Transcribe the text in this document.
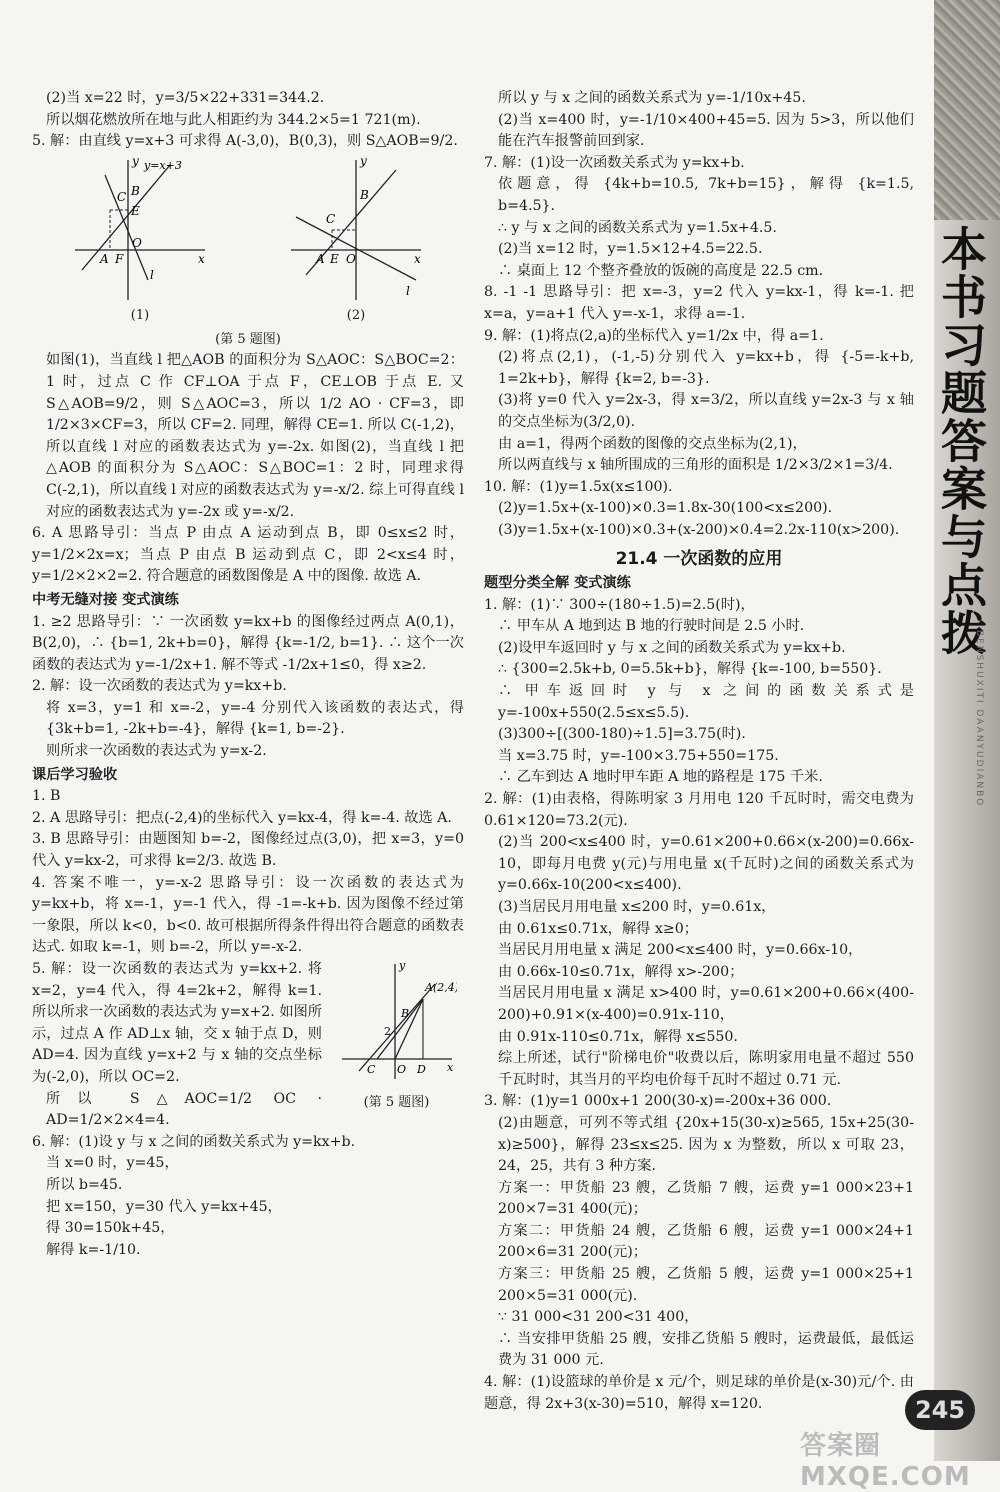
(2)当 x=22 时，y=3/5×22+331=344.2.

所以烟花燃放所在地与此人相距约为 344.2×5=1 721(m).

5. 解：由直线 y=x+3 可求得 A(-3,0)，B(0,3)，则 S△AOB=9/2.

A F
O
C B
E
y
x
l
y=x+3
(1)
A E O
C
B
y
x
l
(2)

(第 5 题图)

如图(1)，当直线 l 把△AOB 的面积分为 S△AOC：S△BOC=2：1 时，过点 C 作 CF⊥OA 于点 F，CE⊥OB 于点 E. 又 S△AOB=9/2，则 S△AOC=3，所以 1/2 AO · CF=3，即 1/2×3×CF=3，所以 CF=2. 同理，解得 CE=1. 所以 C(-1,2)，所以直线 l 对应的函数表达式为 y=-2x. 如图(2)，当直线 l 把△AOB 的面积分为 S△AOC：S△BOC=1：2 时，同理求得 C(-2,1)，所以直线 l 对应的函数表达式为 y=-x/2. 综上可得直线 l 对应的函数表达式为 y=-2x 或 y=-x/2.

6. A 思路导引：当点 P 由点 A 运动到点 B，即 0≤x≤2 时，y=1/2×2x=x；当点 P 由点 B 运动到点 C，即 2<x≤4 时，y=1/2×2×2=2. 符合题意的函数图像是 A 中的图像. 故选 A.

中考无缝对接 变式演练

1. ≥2 思路导引：∵ 一次函数 y=kx+b 的图像经过两点 A(0,1)，B(2,0)，∴ {b=1, 2k+b=0}，解得 {k=-1/2, b=1}. ∴ 这个一次函数的表达式为 y=-1/2x+1. 解不等式 -1/2x+1≤0，得 x≥2.

2. 解：设一次函数的表达式为 y=kx+b.

将 x=3，y=1 和 x=-2，y=-4 分别代入该函数的表达式，得 {3k+b=1, -2k+b=-4}，解得 {k=1, b=-2}.

则所求一次函数的表达式为 y=x-2.

课后学习验收

1. B

2. A 思路导引：把点(-2,4)的坐标代入 y=kx-4，得 k=-4. 故选 A.

3. B 思路导引：由题图知 b=-2，图像经过点(3,0)，把 x=3，y=0代入 y=kx-2，可求得 k=2/3. 故选 B.

4. 答案不唯一，y=-x-2 思路导引：设一次函数的表达式为 y=kx+b，将 x=-1，y=-1 代入，得 -1=-k+b. 因为图像不经过第一象限，所以 k<0，b<0. 故可根据所得条件得出符合题意的函数表达式. 如取 k=-1，则 b=-2，所以 y=-x-2.

5. 解：设一次函数的表达式为 y=kx+2. 将 x=2，y=4 代入，得 4=2k+2，解得 k=1. 所以所求一次函数的表达式为 y=x+2. 如图所示，过点 A 作 AD⊥x 轴，交 x 轴于点 D，则 AD=4. 因为直线 y=x+2 与 x 轴的交点坐标为(-2,0)，所以 OC=2.

所以 S△AOC=1/2 OC · AD=1/2×2×4=4.

A(2,4)
B
C O D x
y
2
(第 5 题图)

6. 解：(1)设 y 与 x 之间的函数关系式为 y=kx+b.

当 x=0 时，y=45，

所以 b=45.

把 x=150，y=30 代入 y=kx+45，

得 30=150k+45，

解得 k=-1/10.

所以 y 与 x 之间的函数关系式为 y=-1/10x+45.

(2)当 x=400 时，y=-1/10×400+45=5. 因为 5>3，所以他们能在汽车报警前回到家.

7. 解：(1)设一次函数关系式为 y=kx+b.

依题意，得 {4k+b=10.5, 7k+b=15}，解得 {k=1.5, b=4.5}.

∴ y 与 x 之间的函数关系式为 y=1.5x+4.5.

(2)当 x=12 时，y=1.5×12+4.5=22.5.

∴ 桌面上 12 个整齐叠放的饭碗的高度是 22.5 cm.

8. -1 -1 思路导引：把 x=-3，y=2 代入 y=kx-1，得 k=-1. 把 x=a，y=a+1 代入 y=-x-1，求得 a=-1.

9. 解：(1)将点(2,a)的坐标代入 y=1/2x 中，得 a=1.

(2)将点(2,1)，(-1,-5)分别代入 y=kx+b，得 {-5=-k+b, 1=2k+b}，解得 {k=2, b=-3}.

(3)将 y=0 代入 y=2x-3，得 x=3/2，所以直线 y=2x-3 与 x 轴的交点坐标为(3/2,0).

由 a=1，得两个函数的图像的交点坐标为(2,1)，

所以两直线与 x 轴所围成的三角形的面积是 1/2×3/2×1=3/4.

10. 解：(1)y=1.5x(x≤100).

(2)y=1.5x+(x-100)×0.3=1.8x-30(100<x≤200).

(3)y=1.5x+(x-100)×0.3+(x-200)×0.4=2.2x-110(x>200).

21.4 一次函数的应用

题型分类全解 变式演练

1. 解：(1)∵ 300÷(180÷1.5)=2.5(时)，

∴ 甲车从 A 地到达 B 地的行驶时间是 2.5 小时.

(2)设甲车返回时 y 与 x 之间的函数关系式为 y=kx+b.

∴ {300=2.5k+b, 0=5.5k+b}，解得 {k=-100, b=550}.

∴ 甲车返回时 y 与 x 之间的函数关系式是 y=-100x+550(2.5≤x≤5.5).

(3)300÷[(300-180)÷1.5]=3.75(时).

当 x=3.75 时，y=-100×3.75+550=175.

∴ 乙车到达 A 地时甲车距 A 地的路程是 175 千米.

2. 解：(1)由表格，得陈明家 3 月用电 120 千瓦时时，需交电费为 0.61×120=73.2(元).

(2)当 200<x≤400 时，y=0.61×200+0.66×(x-200)=0.66x-10，即每月电费 y(元)与用电量 x(千瓦时)之间的函数关系式为 y=0.66x-10(200<x≤400).

(3)当居民月用电量 x≤200 时，y=0.61x，

由 0.61x≤0.71x，解得 x≥0；

当居民月用电量 x 满足 200<x≤400 时，y=0.66x-10，

由 0.66x-10≤0.71x，解得 x>-200；

当居民月用电量 x 满足 x>400 时，y=0.61×200+0.66×(400-200)+0.91×(x-400)=0.91x-110，

由 0.91x-110≤0.71x，解得 x≤550.

综上所述，试行"阶梯电价"收费以后，陈明家用电量不超过 550 千瓦时时，其当月的平均电价每千瓦时不超过 0.71 元.

3. 解：(1)y=1 000x+1 200(30-x)=-200x+36 000.

(2)由题意，可列不等式组 {20x+15(30-x)≥565, 15x+25(30-x)≥500}，解得 23≤x≤25. 因为 x 为整数，所以 x 可取 23，24，25，共有 3 种方案.

方案一：甲货船 23 艘，乙货船 7 艘，运费 y=1 000×23+1 200×7=31 400(元)；

方案二：甲货船 24 艘，乙货船 6 艘，运费 y=1 000×24+1 200×6=31 200(元)；

方案三：甲货船 25 艘，乙货船 5 艘，运费 y=1 000×25+1 200×5=31 000(元).

∵ 31 000<31 200<31 400，

∴ 当安排甲货船 25 艘，安排乙货船 5 艘时，运费最低，最低运费为 31 000 元.

4. 解：(1)设篮球的单价是 x 元/个，则足球的单价是(x-30)元/个. 由题意，得 2x+3(x-30)=510，解得 x=120.

本书习题答案与点拨
BENSHUXITI DAANYUDIANBO
245
答案圈 MXQE.COM
